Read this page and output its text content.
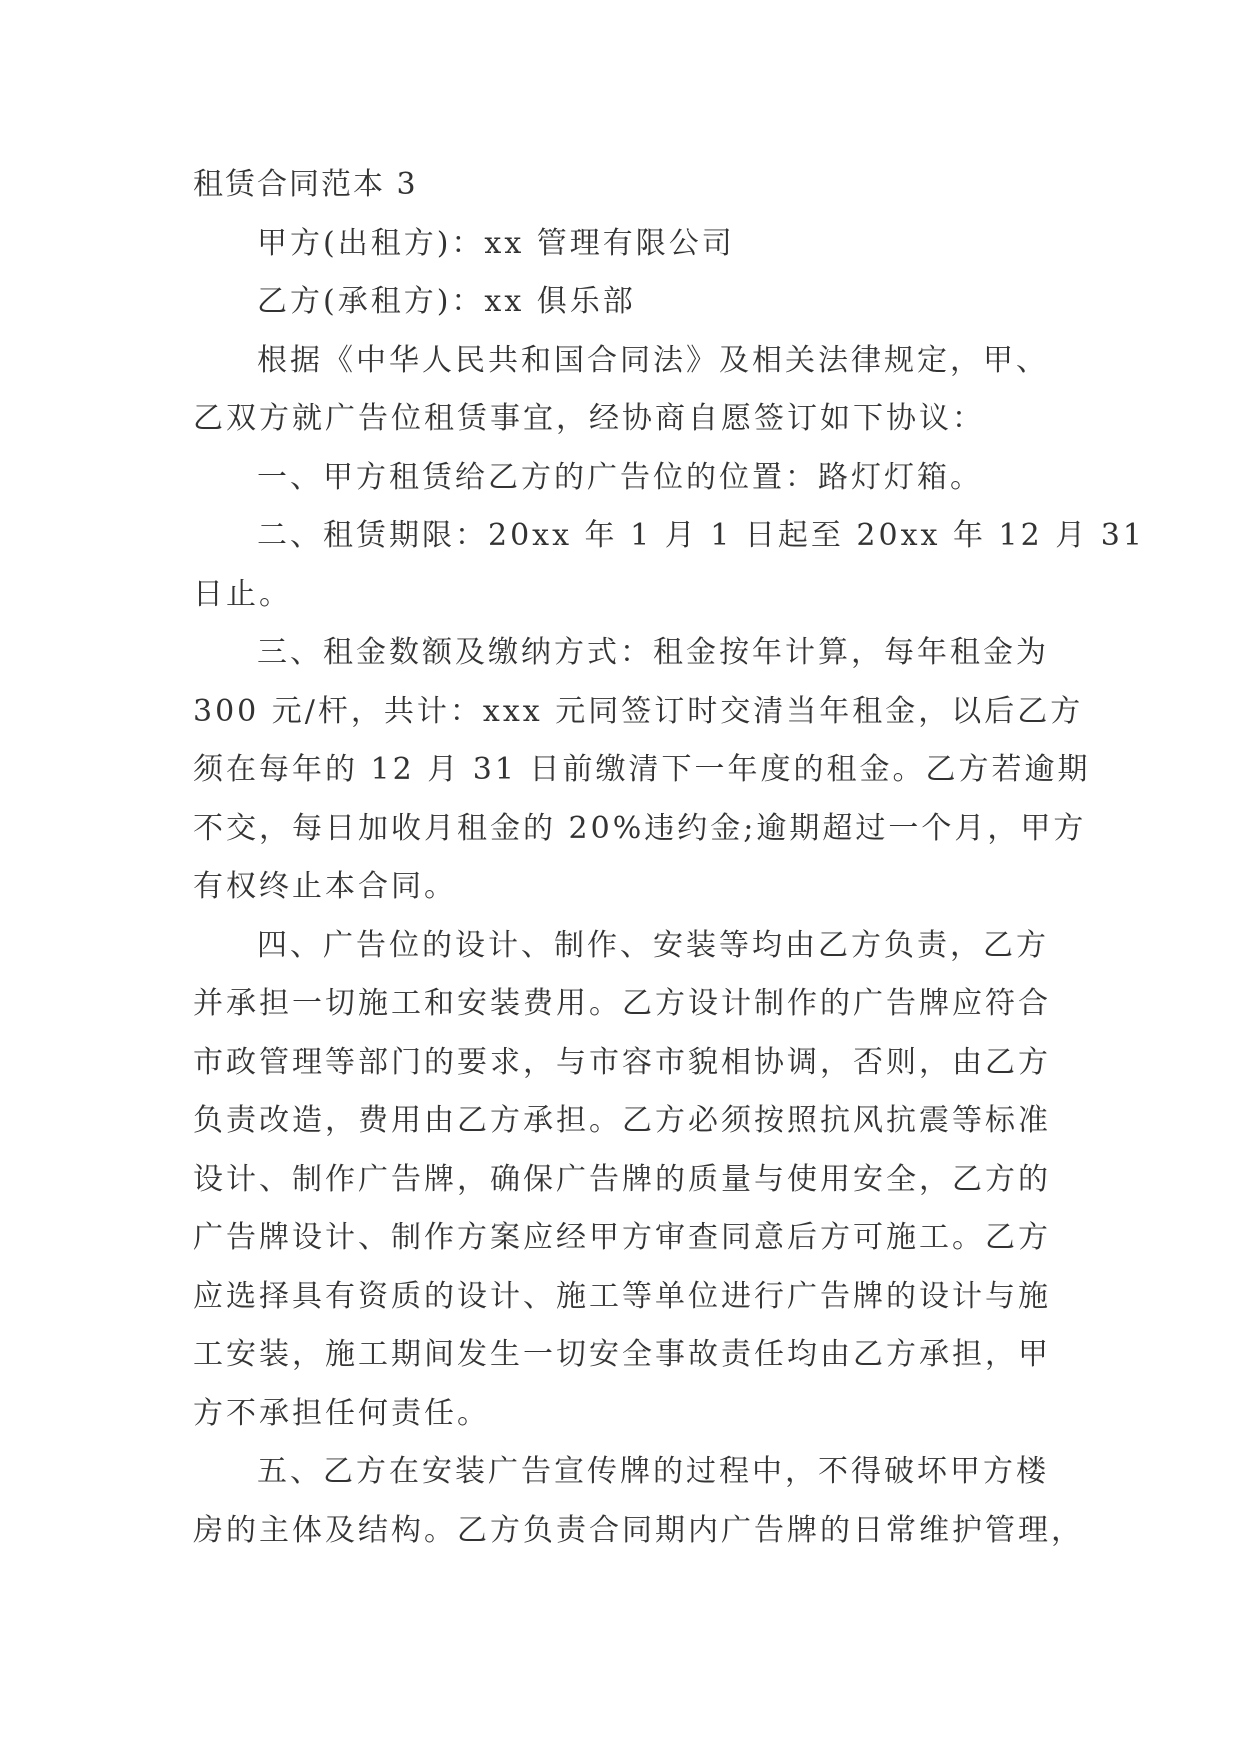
租赁合同范本 3
甲方(出租方)：xx 管理有限公司
乙方(承租方)：xx 俱乐部
根据《中华人民共和国合同法》及相关法律规定，甲、
乙双方就广告位租赁事宜，经协商自愿签订如下协议：
一、甲方租赁给乙方的广告位的位置：路灯灯箱。
二、租赁期限：20xx 年 1 月 1 日起至 20xx 年 12 月 31
日止。
三、租金数额及缴纳方式：租金按年计算，每年租金为
300 元/杆，共计：xxx 元同签订时交清当年租金，以后乙方
须在每年的 12 月 31 日前缴清下一年度的租金。乙方若逾期
不交，每日加收月租金的 20%违约金;逾期超过一个月，甲方
有权终止本合同。
四、广告位的设计、制作、安装等均由乙方负责，乙方
并承担一切施工和安装费用。乙方设计制作的广告牌应符合
市政管理等部门的要求，与市容市貌相协调，否则，由乙方
负责改造，费用由乙方承担。乙方必须按照抗风抗震等标准
设计、制作广告牌，确保广告牌的质量与使用安全，乙方的
广告牌设计、制作方案应经甲方审查同意后方可施工。乙方
应选择具有资质的设计、施工等单位进行广告牌的设计与施
工安装，施工期间发生一切安全事故责任均由乙方承担，甲
方不承担任何责任。
五、乙方在安装广告宣传牌的过程中，不得破坏甲方楼
房的主体及结构。乙方负责合同期内广告牌的日常维护管理，
